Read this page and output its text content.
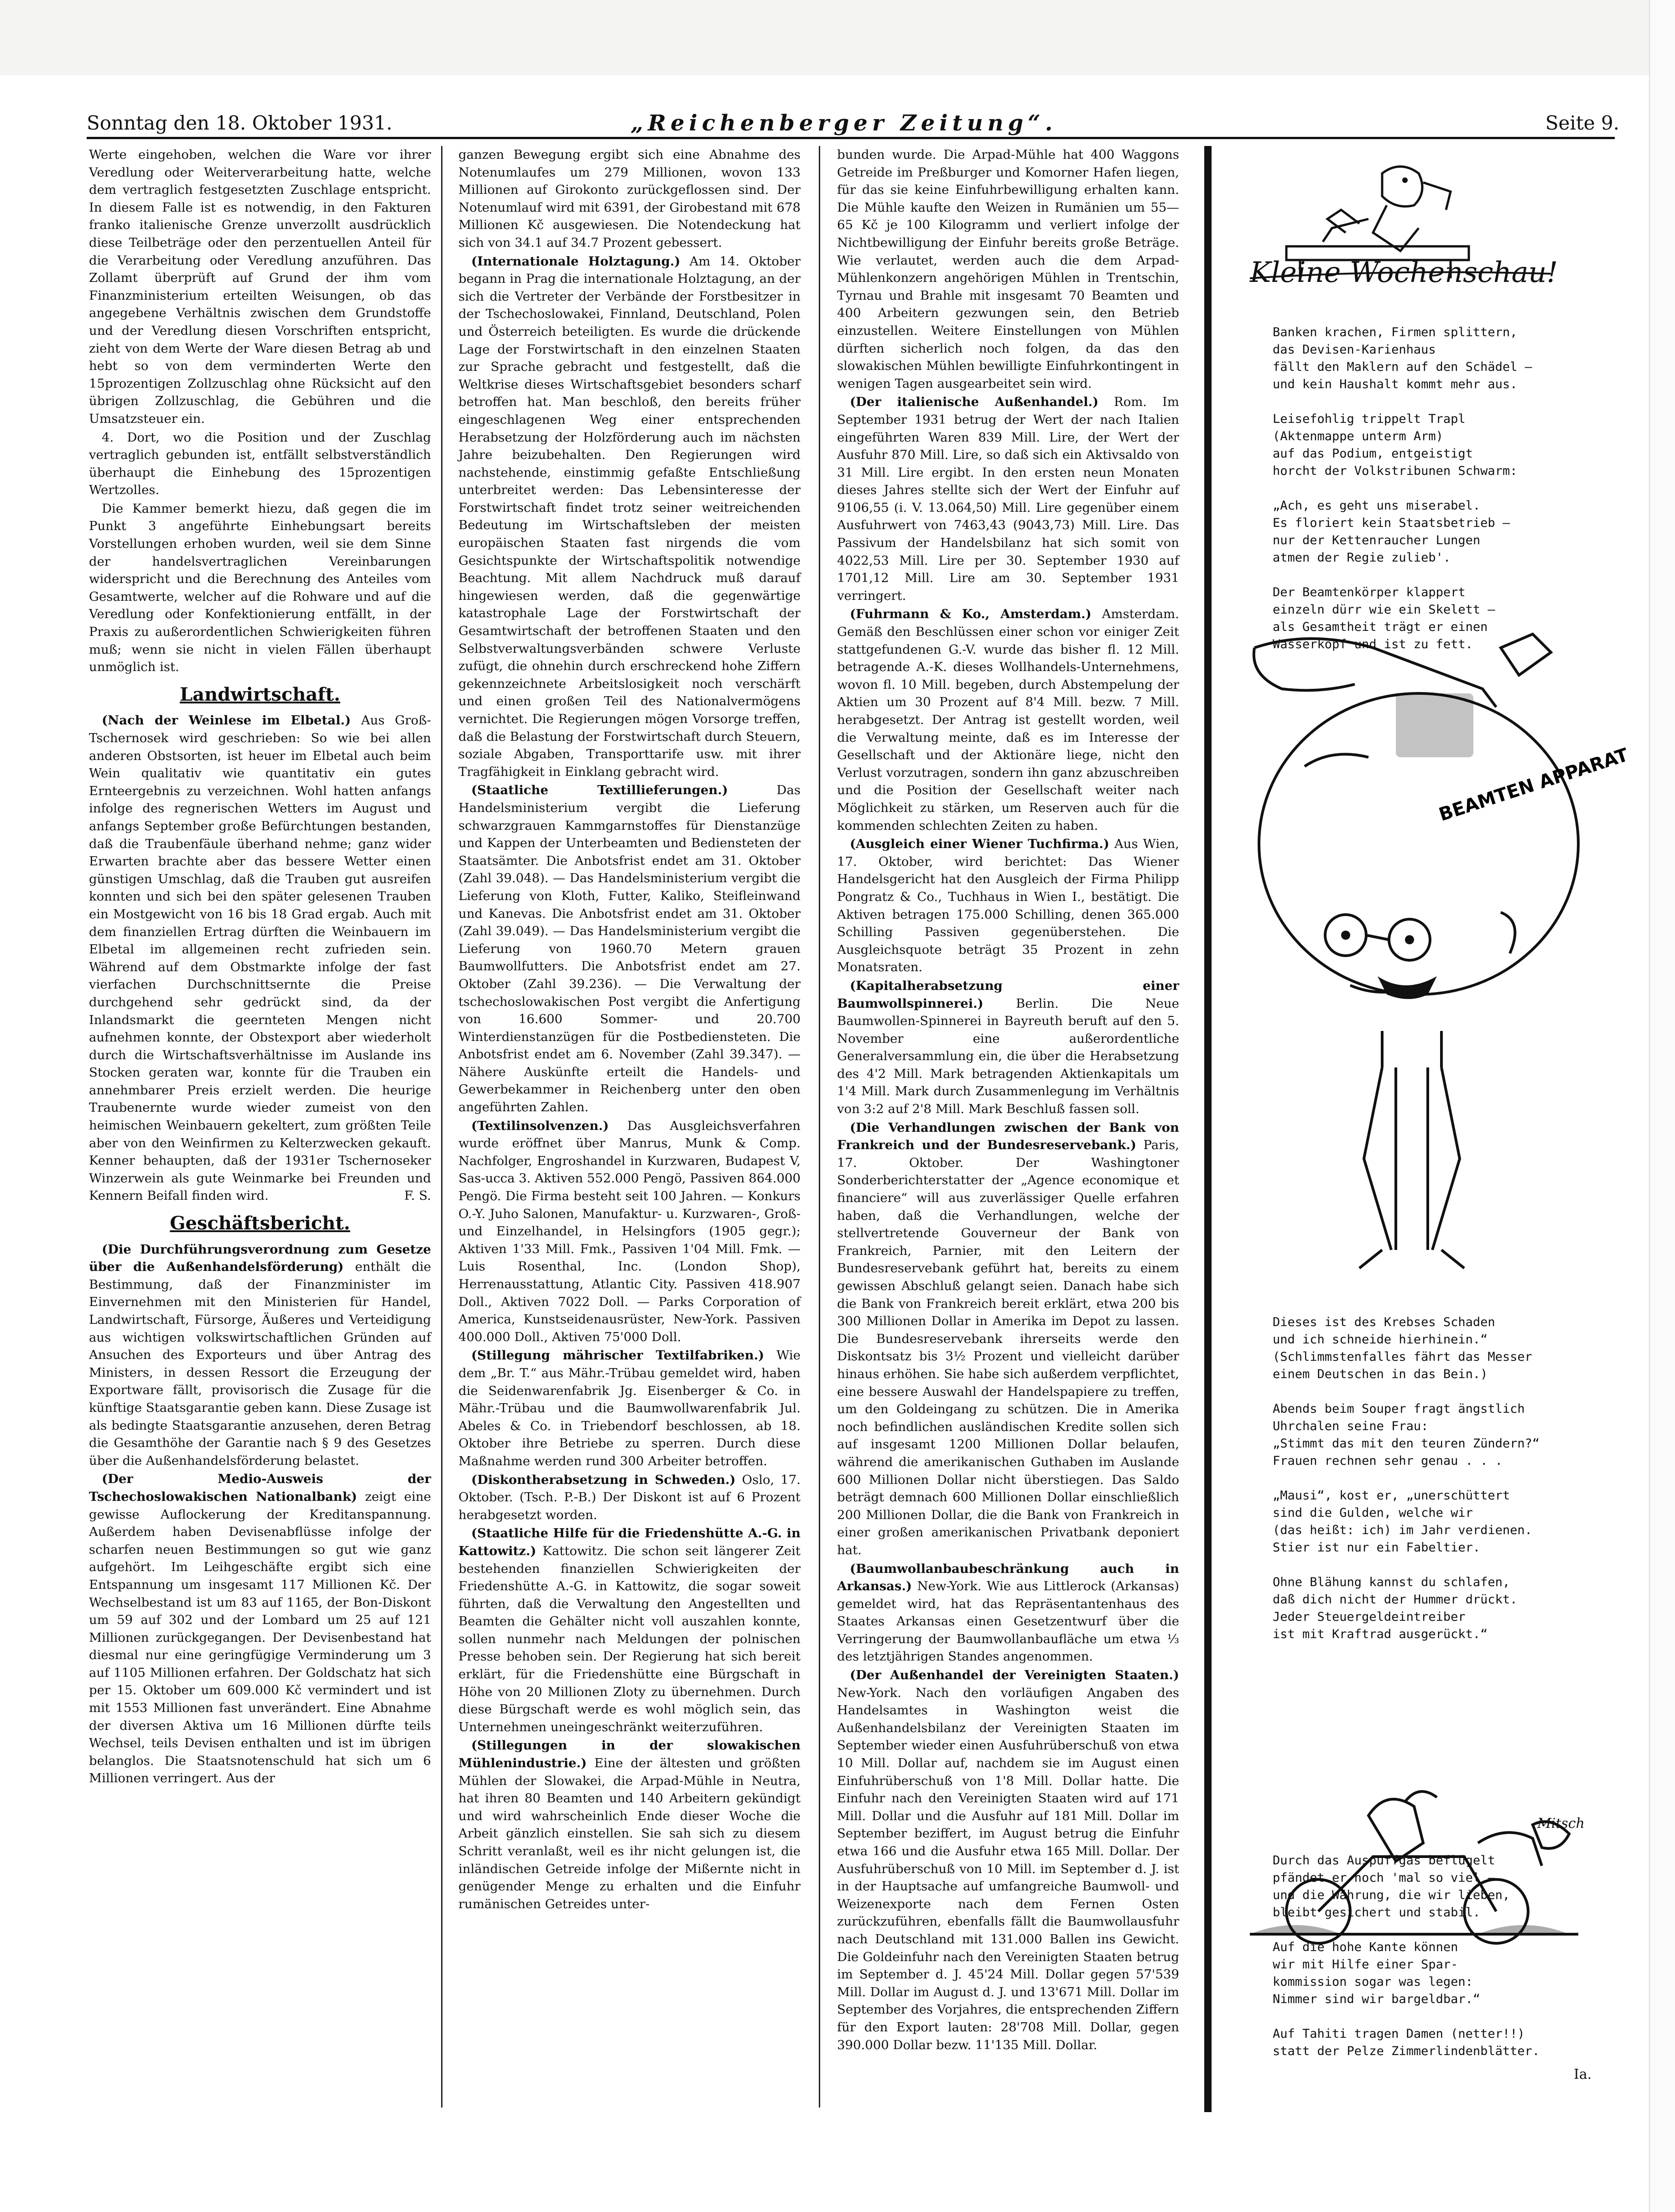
Sonntag den 18. Oktober 1931.	„Reichenberger Zeitung“.	Seite 9.

Werte eingehoben, welchen die Ware vor ihrer Veredlung oder Weiterverarbeitung hatte, welche dem vertraglich festgesetzten Zuschlage entspricht. In diesem Falle ist es notwendig, in den Fakturen franko italienische Grenze unverzollt ausdrücklich diese Teilbeträge oder den perzentuellen Anteil für die Verarbeitung oder Veredlung anzuführen. Das Zollamt überprüft auf Grund der ihm vom Finanzministerium erteilten Weisungen, ob das angegebene Verhältnis zwischen dem Grundstoffe und der Veredlung diesen Vorschriften entspricht, zieht von dem Werte der Ware diesen Betrag ab und hebt so von dem verminderten Werte den 15prozentigen Zollzuschlag ohne Rücksicht auf den übrigen Zollzuschlag, die Gebühren und die Umsatzsteuer ein.

4. Dort, wo die Position und der Zuschlag vertraglich gebunden ist, entfällt selbstverständlich überhaupt die Einhebung des 15prozentigen Wertzolles.

Die Kammer bemerkt hiezu, daß gegen die im Punkt 3 angeführte Einhebungsart bereits Vorstellungen erhoben wurden, weil sie dem Sinne der handelsvertraglichen Vereinbarungen widerspricht und die Berechnung des Anteiles vom Gesamtwerte, welcher auf die Rohware und auf die Veredlung oder Konfektionierung entfällt, in der Praxis zu außerordentlichen Schwierigkeiten führen muß; wenn sie nicht in vielen Fällen überhaupt unmöglich ist.

Landwirtschaft.

(Nach der Weinlese im Elbetal.) Aus Groß-Tschernosek wird geschrieben: So wie bei allen anderen Obstsorten, ist heuer im Elbetal auch beim Wein qualitativ wie quantitativ ein gutes Ernteergebnis zu verzeichnen. Wohl hatten anfangs infolge des regnerischen Wetters im August und anfangs September große Befürchtungen bestanden, daß die Traubenfäule überhand nehme; ganz wider Erwarten brachte aber das bessere Wetter einen günstigen Umschlag, daß die Trauben gut ausreifen konnten und sich bei den später gelesenen Trauben ein Mostgewicht von 16 bis 18 Grad ergab. Auch mit dem finanziellen Ertrag dürften die Weinbauern im Elbetal im allgemeinen recht zufrieden sein. Während auf dem Obstmarkte infolge der fast vierfachen Durchschnittsernte die Preise durchgehend sehr gedrückt sind, da der Inlandsmarkt die geernteten Mengen nicht aufnehmen konnte, der Obstexport aber wiederholt durch die Wirtschaftsverhältnisse im Auslande ins Stocken geraten war, konnte für die Trauben ein annehmbarer Preis erzielt werden. Die heurige Traubenernte wurde wieder zumeist von den heimischen Weinbauern gekeltert, zum größten Teile aber von den Weinfirmen zu Kelterzwecken gekauft. Kenner behaupten, daß der 1931er Tschernoseker Winzerwein als gute Weinmarke bei Freunden und Kennern Beifall finden wird.	F. S.

Geschäftsbericht.

(Die Durchführungsverordnung zum Gesetze über die Außenhandelsförderung) enthält die Bestimmung, daß der Finanzminister im Einvernehmen mit den Ministerien für Handel, Landwirtschaft, Fürsorge, Äußeres und Verteidigung aus wichtigen volkswirtschaftlichen Gründen auf Ansuchen des Exporteurs und über Antrag des Ministers, in dessen Ressort die Erzeugung der Exportware fällt, provisorisch die Zusage für die künftige Staatsgarantie geben kann. Diese Zusage ist als bedingte Staatsgarantie anzusehen, deren Betrag die Gesamthöhe der Garantie nach § 9 des Gesetzes über die Außenhandelsförderung belastet.

(Der Medio-Ausweis der Tschechoslowakischen Nationalbank) zeigt eine gewisse Auflockerung der Kreditanspannung. Außerdem haben Devisenabflüsse infolge der scharfen neuen Bestimmungen so gut wie ganz aufgehört. Im Leihgeschäfte ergibt sich eine Entspannung um insgesamt 117 Millionen Kč. Der Wechselbestand ist um 83 auf 1165, der Bon-Diskont um 59 auf 302 und der Lombard um 25 auf 121 Millionen zurückgegangen. Der Devisenbestand hat diesmal nur eine geringfügige Verminderung um 3 auf 1105 Millionen erfahren. Der Goldschatz hat sich per 15. Oktober um 609.000 Kč vermindert und ist mit 1553 Millionen fast unverändert. Eine Abnahme der diversen Aktiva um 16 Millionen dürfte teils Wechsel, teils Devisen enthalten und ist im übrigen belanglos. Die Staatsnotenschuld hat sich um 6 Millionen verringert. Aus der

ganzen Bewegung ergibt sich eine Abnahme des Notenumlaufes um 279 Millionen, wovon 133 Millionen auf Girokonto zurückgeflossen sind. Der Notenumlauf wird mit 6391, der Girobestand mit 678 Millionen Kč ausgewiesen. Die Notendeckung hat sich von 34.1 auf 34.7 Prozent gebessert.

(Internationale Holztagung.) Am 14. Oktober begann in Prag die internationale Holztagung, an der sich die Vertreter der Verbände der Forstbesitzer in der Tschechoslowakei, Finnland, Deutschland, Polen und Österreich beteiligten. Es wurde die drückende Lage der Forstwirtschaft in den einzelnen Staaten zur Sprache gebracht und festgestellt, daß die Weltkrise dieses Wirtschaftsgebiet besonders scharf betroffen hat. Man beschloß, den bereits früher eingeschlagenen Weg einer entsprechenden Herabsetzung der Holzförderung auch im nächsten Jahre beizubehalten. Den Regierungen wird nachstehende, einstimmig gefaßte Entschließung unterbreitet werden: Das Lebensinteresse der Forstwirtschaft findet trotz seiner weitreichenden Bedeutung im Wirtschaftsleben der meisten europäischen Staaten fast nirgends die vom Gesichtspunkte der Wirtschaftspolitik notwendige Beachtung. Mit allem Nachdruck muß darauf hingewiesen werden, daß die gegenwärtige katastrophale Lage der Forstwirtschaft der Gesamtwirtschaft der betroffenen Staaten und den Selbstverwaltungsverbänden schwere Verluste zufügt, die ohnehin durch erschreckend hohe Ziffern gekennzeichnete Arbeitslosigkeit noch verschärft und einen großen Teil des Nationalvermögens vernichtet. Die Regierungen mögen Vorsorge treffen, daß die Belastung der Forstwirtschaft durch Steuern, soziale Abgaben, Transporttarife usw. mit ihrer Tragfähigkeit in Einklang gebracht wird.

(Staatliche Textillieferungen.) Das Handelsministerium vergibt die Lieferung schwarzgrauen Kammgarnstoffes für Dienstanzüge und Kappen der Unterbeamten und Bediensteten der Staatsämter. Die Anbotsfrist endet am 31. Oktober (Zahl 39.048). — Das Handelsministerium vergibt die Lieferung von Kloth, Futter, Kaliko, Steifleinwand und Kanevas. Die Anbotsfrist endet am 31. Oktober (Zahl 39.049). — Das Handelsministerium vergibt die Lieferung von 1960.70 Metern grauen Baumwollfutters. Die Anbotsfrist endet am 27. Oktober (Zahl 39.236). — Die Verwaltung der tschechoslowakischen Post vergibt die Anfertigung von 16.600 Sommer- und 20.700 Winterdienstanzügen für die Postbediensteten. Die Anbotsfrist endet am 6. November (Zahl 39.347). — Nähere Auskünfte erteilt die Handels- und Gewerbekammer in Reichenberg unter den oben angeführten Zahlen.

(Textilinsolvenzen.) Das Ausgleichsverfahren wurde eröffnet über Manrus, Munk & Comp. Nachfolger, Engroshandel in Kurzwaren, Budapest V, Sas-ucca 3. Aktiven 552.000 Pengö, Passiven 864.000 Pengö. Die Firma besteht seit 100 Jahren. — Konkurs O.-Y. Juho Salonen, Manufaktur- u. Kurzwaren-, Groß- und Einzelhandel, in Helsingfors (1905 gegr.); Aktiven 1'33 Mill. Fmk., Passiven 1'04 Mill. Fmk. — Luis Rosenthal, Inc. (London Shop), Herrenausstattung, Atlantic City. Passiven 418.907 Doll., Aktiven 7022 Doll. — Parks Corporation of America, Kunstseidenausrüster, New-York. Passiven 400.000 Doll., Aktiven 75'000 Doll.

(Stillegung mährischer Textilfabriken.) Wie dem „Br. T.“ aus Mähr.-Trübau gemeldet wird, haben die Seidenwarenfabrik Jg. Eisenberger & Co. in Mähr.-Trübau und die Baumwollwarenfabrik Jul. Abeles & Co. in Triebendorf beschlossen, ab 18. Oktober ihre Betriebe zu sperren. Durch diese Maßnahme werden rund 300 Arbeiter betroffen.

(Diskontherabsetzung in Schweden.) Oslo, 17. Oktober. (Tsch. P.-B.) Der Diskont ist auf 6 Prozent herabgesetzt worden.

(Staatliche Hilfe für die Friedenshütte A.-G. in Kattowitz.) Kattowitz. Die schon seit längerer Zeit bestehenden finanziellen Schwierigkeiten der Friedenshütte A.-G. in Kattowitz, die sogar soweit führten, daß die Verwaltung den Angestellten und Beamten die Gehälter nicht voll auszahlen konnte, sollen nunmehr nach Meldungen der polnischen Presse behoben sein. Der Regierung hat sich bereit erklärt, für die Friedenshütte eine Bürgschaft in Höhe von 20 Millionen Zloty zu übernehmen. Durch diese Bürgschaft werde es wohl möglich sein, das Unternehmen uneingeschränkt weiterzuführen.

(Stillegungen in der slowakischen Mühlenindustrie.) Eine der ältesten und größten Mühlen der Slowakei, die Arpad-Mühle in Neutra, hat ihren 80 Beamten und 140 Arbeitern gekündigt und wird wahrscheinlich Ende dieser Woche die Arbeit gänzlich einstellen. Sie sah sich zu diesem Schritt veranlaßt, weil es ihr nicht gelungen ist, die inländischen Getreide infolge der Mißernte nicht in genügender Menge zu erhalten und die Einfuhr rumänischen Getreides unter-

bunden wurde. Die Arpad-Mühle hat 400 Waggons Getreide im Preßburger und Komorner Hafen liegen, für das sie keine Einfuhrbewilligung erhalten kann. Die Mühle kaufte den Weizen in Rumänien um 55—65 Kč je 100 Kilogramm und verliert infolge der Nichtbewilligung der Einfuhr bereits große Beträge. Wie verlautet, werden auch die dem Arpad-Mühlenkonzern angehörigen Mühlen in Trentschin, Tyrnau und Brahle mit insgesamt 70 Beamten und 400 Arbeitern gezwungen sein, den Betrieb einzustellen. Weitere Einstellungen von Mühlen dürften sicherlich noch folgen, da das den slowakischen Mühlen bewilligte Einfuhrkontingent in wenigen Tagen ausgearbeitet sein wird.

(Der italienische Außenhandel.) Rom. Im September 1931 betrug der Wert der nach Italien eingeführten Waren 839 Mill. Lire, der Wert der Ausfuhr 870 Mill. Lire, so daß sich ein Aktivsaldo von 31 Mill. Lire ergibt. In den ersten neun Monaten dieses Jahres stellte sich der Wert der Einfuhr auf 9106,55 (i. V. 13.064,50) Mill. Lire gegenüber einem Ausfuhrwert von 7463,43 (9043,73) Mill. Lire. Das Passivum der Handelsbilanz hat sich somit von 4022,53 Mill. Lire per 30. September 1930 auf 1701,12 Mill. Lire am 30. September 1931 verringert.

(Fuhrmann & Ko., Amsterdam.) Amsterdam. Gemäß den Beschlüssen einer schon vor einiger Zeit stattgefundenen G.-V. wurde das bisher fl. 12 Mill. betragende A.-K. dieses Wollhandels-Unternehmens, wovon fl. 10 Mill. begeben, durch Abstempelung der Aktien um 30 Prozent auf 8'4 Mill. bezw. 7 Mill. herabgesetzt. Der Antrag ist gestellt worden, weil die Verwaltung meinte, daß es im Interesse der Gesellschaft und der Aktionäre liege, nicht den Verlust vorzutragen, sondern ihn ganz abzuschreiben und die Position der Gesellschaft weiter nach Möglichkeit zu stärken, um Reserven auch für die kommenden schlechten Zeiten zu haben.

(Ausgleich einer Wiener Tuchfirma.) Aus Wien, 17. Oktober, wird berichtet: Das Wiener Handelsgericht hat den Ausgleich der Firma Philipp Pongratz & Co., Tuchhaus in Wien I., bestätigt. Die Aktiven betragen 175.000 Schilling, denen 365.000 Schilling Passiven gegenüberstehen. Die Ausgleichsquote beträgt 35 Prozent in zehn Monatsraten.

(Kapitalherabsetzung einer Baumwollspinnerei.) Berlin. Die Neue Baumwollen-Spinnerei in Bayreuth beruft auf den 5. November eine außerordentliche Generalversammlung ein, die über die Herabsetzung des 4'2 Mill. Mark betragenden Aktienkapitals um 1'4 Mill. Mark durch Zusammenlegung im Verhältnis von 3:2 auf 2'8 Mill. Mark Beschluß fassen soll.

(Die Verhandlungen zwischen der Bank von Frankreich und der Bundesreservebank.) Paris, 17. Oktober. Der Washingtoner Sonderberichterstatter der „Agence economique et financiere“ will aus zuverlässiger Quelle erfahren haben, daß die Verhandlungen, welche der stellvertretende Gouverneur der Bank von Frankreich, Parnier, mit den Leitern der Bundesreservebank geführt hat, bereits zu einem gewissen Abschluß gelangt seien. Danach habe sich die Bank von Frankreich bereit erklärt, etwa 200 bis 300 Millionen Dollar in Amerika im Depot zu lassen. Die Bundesreservebank ihrerseits werde den Diskontsatz bis 3½ Prozent und vielleicht darüber hinaus erhöhen. Sie habe sich außerdem verpflichtet, eine bessere Auswahl der Handelspapiere zu treffen, um den Goldeingang zu schützen. Die in Amerika noch befindlichen ausländischen Kredite sollen sich auf insgesamt 1200 Millionen Dollar belaufen, während die amerikanischen Guthaben im Auslande 600 Millionen Dollar nicht überstiegen. Das Saldo beträgt demnach 600 Millionen Dollar einschließlich 200 Millionen Dollar, die die Bank von Frankreich in einer großen amerikanischen Privatbank deponiert hat.

(Baumwollanbaubeschränkung auch in Arkansas.) New-York. Wie aus Littlerock (Arkansas) gemeldet wird, hat das Repräsentantenhaus des Staates Arkansas einen Gesetzentwurf über die Verringerung der Baumwollanbaufläche um etwa ⅓ des letztjährigen Standes angenommen.

(Der Außenhandel der Vereinigten Staaten.) New-York. Nach den vorläufigen Angaben des Handelsamtes in Washington weist die Außenhandelsbilanz der Vereinigten Staaten im September wieder einen Ausfuhrüberschuß von etwa 10 Mill. Dollar auf, nachdem sie im August einen Einfuhrüberschuß von 1'8 Mill. Dollar hatte. Die Einfuhr nach den Vereinigten Staaten wird auf 171 Mill. Dollar und die Ausfuhr auf 181 Mill. Dollar im September beziffert, im August betrug die Einfuhr etwa 166 und die Ausfuhr etwa 165 Mill. Dollar. Der Ausfuhrüberschuß von 10 Mill. im September d. J. ist in der Hauptsache auf umfangreiche Baumwoll- und Weizenexporte nach dem Fernen Osten zurückzuführen, ebenfalls fällt die Baumwollausfuhr nach Deutschland mit 131.000 Ballen ins Gewicht. Die Goldeinfuhr nach den Vereinigten Staaten betrug im September d. J. 45'24 Mill. Dollar gegen 57'539 Mill. Dollar im August d. J. und 13'671 Mill. Dollar im September des Vorjahres, die entsprechenden Ziffern für den Export lauten: 28'708 Mill. Dollar, gegen 390.000 Dollar bezw. 11'135 Mill. Dollar.

Kleine Wochenschau!
Banken krachen, Firmen splittern,
das Devisen-Karienhaus
fällt den Maklern auf den Schädel —
und kein Haushalt kommt mehr aus.

Leisefohlig trippelt Trapl
(Aktenmappe unterm Arm)
auf das Podium, entgeistigt
horcht der Volkstribunen Schwarm:

„Ach, es geht uns miserabel.
Es floriert kein Staatsbetrieb —
nur der Kettenraucher Lungen
atmen der Regie zulieb'.

Der Beamtenkörper klappert
einzeln dürr wie ein Skelett —
als Gesamtheit trägt er einen
Wasserkopf und ist zu fett.
BEAMTEN APPARAT
Dieses ist des Krebses Schaden
und ich schneide hierhinein.“
(Schlimmstenfalles fährt das Messer
einem Deutschen in das Bein.)

Abends beim Souper fragt ängstlich
Uhrchalen seine Frau:
„Stimmt das mit den teuren Zündern?“
Frauen rechnen sehr genau . . .

„Mausi“, kost er, „unerschüttert
sind die Gulden, welche wir
(das heißt: ich) im Jahr verdienen.
Stier ist nur ein Fabeltier.

Ohne Blähung kannst du schlafen,
daß dich nicht der Hummer drückt.
Jeder Steuergeldeintreiber
ist mit Kraftrad ausgerückt.“
Mitsch
Durch das Auspuffgas beflügelt
pfändet er noch 'mal so viel —
und die Währung, die wir lieben,
bleibt gesichert und stabil.

Auf die hohe Kante können
wir mit Hilfe einer Spar-
kommission sogar was legen:
Nimmer sind wir bargeldbar.“

Auf Tahiti tragen Damen (netter!!)
statt der Pelze Zimmerlindenblätter.
Ia.
